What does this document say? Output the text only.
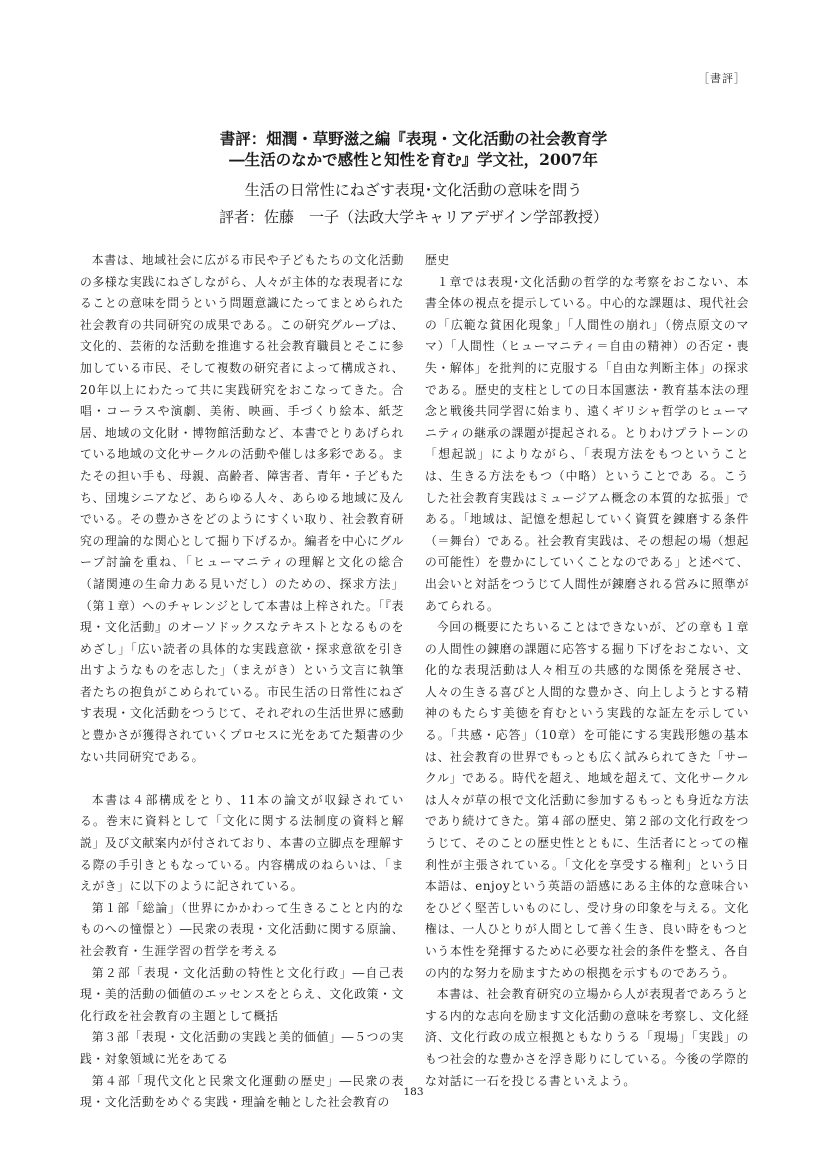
［書評］
書評：畑潤・草野滋之編『表現・文化活動の社会教育学
―生活のなかで感性と知性を育む』学文社，2007年
生活の日常性にねざす表現･文化活動の意味を問う
評者：佐藤　一子（法政大学キャリアデザイン学部教授）

本書は、地域社会に広がる市民や子どもたちの文化活動の多様な実践にねざしながら、人々が主体的な表現者になることの意味を問うという問題意識にたってまとめられた社会教育の共同研究の成果である。この研究グループは、文化的、芸術的な活動を推進する社会教育職員とそこに参加している市民、そして複数の研究者によって構成され、20年以上にわたって共に実践研究をおこなってきた。合唱・コーラスや演劇、美術、映画、手づくり絵本、紙芝居、地域の文化財・博物館活動など、本書でとりあげられている地域の文化サークルの活動や催しは多彩である。またその担い手も、母親、高齢者、障害者、青年・子どもたち、団塊シニアなど、あらゆる人々、あらゆる地域に及んでいる。その豊かさをどのようにすくい取り、社会教育研究の理論的な関心として掘り下げるか。編者を中心にグループ討論を重ね､「ヒューマニティの理解と文化の総合（諸関連の生命力ある見いだし）のための、探求方法」（第１章）へのチャレンジとして本書は上梓された｡「『表現・文化活動』のオーソドックスなテキストとなるものをめざし」「広い読者の具体的な実践意欲・探求意欲を引き出すようなものを志した」（まえがき）という文言に執筆者たちの抱負がこめられている。市民生活の日常性にねざす表現・文化活動をつうじて、それぞれの生活世界に感動と豊かさが獲得されていくプロセスに光をあてた類書の少ない共同研究である。

本書は４部構成をとり、11本の論文が収録されている。巻末に資料として「文化に関する法制度の資料と解説」及び文献案内が付されており、本書の立脚点を理解する際の手引きともなっている。内容構成のねらいは､「まえがき」に以下のように記されている。

第１部「総論」（世界にかかわって生きることと内的なものへの憧憬と）―民衆の表現・文化活動に関する原論、社会教育・生涯学習の哲学を考える

第２部「表現・文化活動の特性と文化行政」―自己表現・美的活動の価値のエッセンスをとらえ、文化政策・文化行政を社会教育の主題として概括

第３部「表現・文化活動の実践と美的価値」―５つの実践・対象領域に光をあてる

第４部「現代文化と民衆文化運動の歴史」―民衆の表現・文化活動をめぐる実践・理論を軸とした社会教育の

歴史

１章では表現･文化活動の哲学的な考察をおこない、本書全体の視点を提示している。中心的な課題は、現代社会の「広範な貧困化現象」「人間性の崩れ」（傍点原文のママ）「人間性（ヒューマニティ＝自由の精神）の否定・喪失・解体」を批判的に克服する「自由な判断主体」の探求である。歴史的支柱としての日本国憲法・教育基本法の理念と戦後共同学習に始まり、遠くギリシャ哲学のヒューマニティの継承の課題が提起される。とりわけプラトーンの「想起説」によりながら、「表現方法をもつということは、生きる方法をもつ（中略）ということであ る。こうした社会教育実践はミュージアム概念の本質的な拡張」である。「地域は、記憶を想起していく資質を錬磨する条件（＝舞台）である。社会教育実践は、その想起の場（想起の可能性）を豊かにしていくことなのである」と述べて、出会いと対話をつうじて人間性が錬磨される営みに照準があてられる。

今回の概要にたちいることはできないが、どの章も１章の人間性の錬磨の課題に応答する掘り下げをおこない、文化的な表現活動は人々相互の共感的な関係を発展させ、人々の生きる喜びと人間的な豊かさ、向上しようとする精神のもたらす美徳を育むという実践的な証左を示している｡「共感・応答」（10章）を可能にする実践形態の基本は、社会教育の世界でもっとも広く試みられてきた「サークル」である。時代を超え、地域を超えて、文化サークルは人々が草の根で文化活動に参加するもっとも身近な方法であり続けてきた。第４部の歴史、第２部の文化行政をつうじて、そのことの歴史性とともに、生活者にとっての権利性が主張されている。「文化を享受する権利」という日本語は、enjoyという英語の語感にある主体的な意味合いをひどく堅苦しいものにし、受け身の印象を与える。文化権は、一人ひとりが人間として善く生き、良い時をもつという本性を発揮するために必要な社会的条件を整え、各自の内的な努力を励ますための根拠を示すものであろう。

本書は、社会教育研究の立場から人が表現者であろうとする内的な志向を励ます文化活動の意味を考察し、文化経済、文化行政の成立根拠ともなりうる「現場」「実践」のもつ社会的な豊かさを浮き彫りにしている。今後の学際的な対話に一石を投じる書といえよう。

183
